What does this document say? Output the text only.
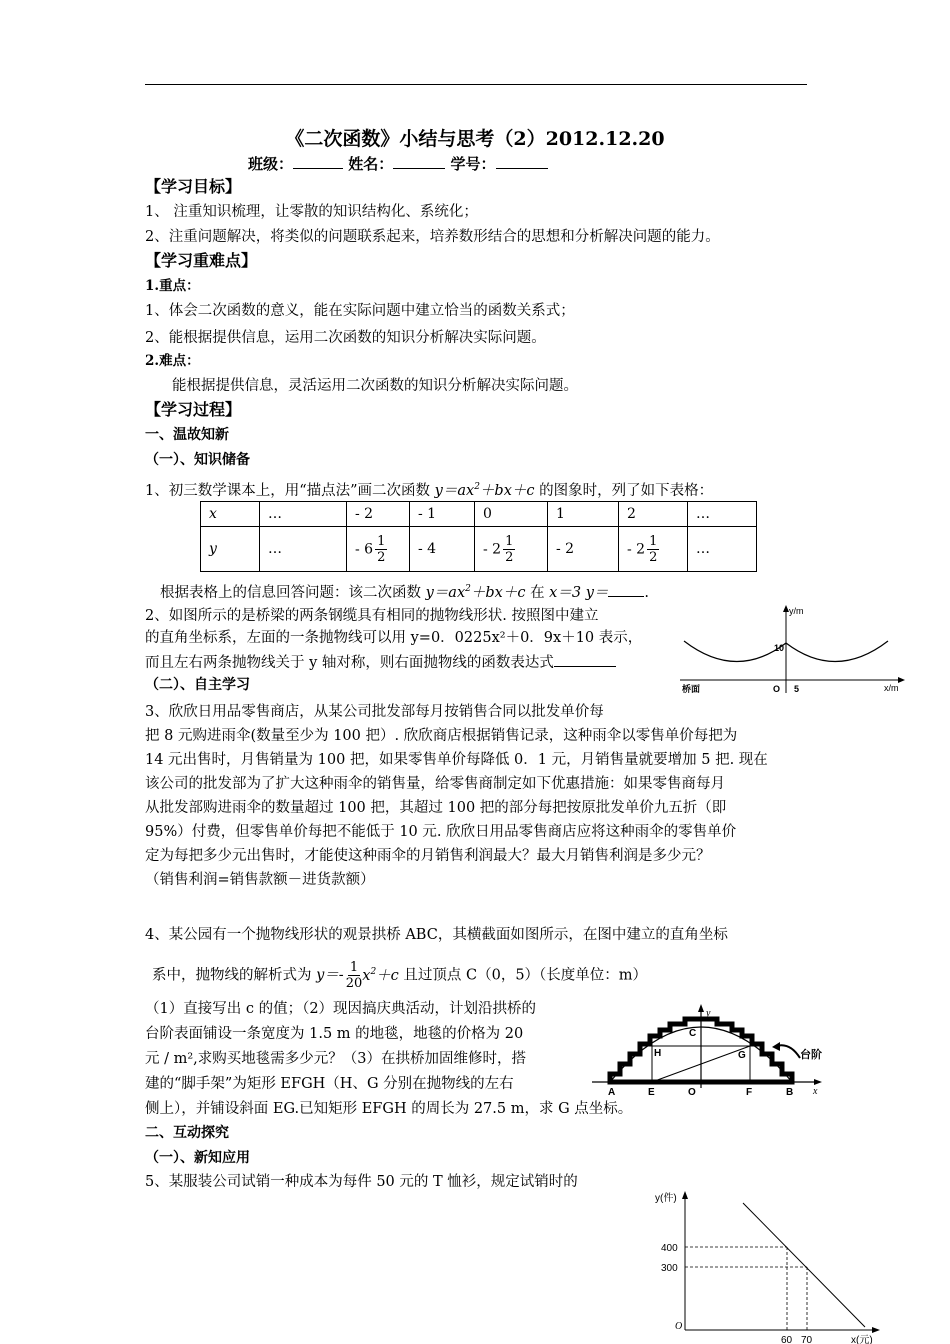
《二次函数》小结与思考（2）2012.12.20
班级：	姓名：	学号：
【学习目标】
1、 注重知识梳理，让零散的知识结构化、系统化；
2、注重问题解决，将类似的问题联系起来，培养数形结合的思想和分析解决问题的能力。
【学习重难点】
1.重点：
1、体会二次函数的意义，能在实际问题中建立恰当的函数关系式；
2、能根据提供信息，运用二次函数的知识分析解决实际问题。
2.难点：
能根据提供信息，灵活运用二次函数的知识分析解决实际问题。
【学习过程】
一、温故知新
（一）、知识储备
1、初三数学课本上，用“描点法”画二次函数 $y=ax^2+bx+c$ 的图象时，列了如下表格：
x	…	- 2	- 1	0	1	2	…
y	…	- $6 \frac{1}{2}$	- 4	- $2 \frac{1}{2}$	- 2	- $2 \frac{1}{2}$	…
根据表格上的信息回答问题：该二次函数 $y=ax^2+bx+c$ 在 x＝3 y＝ .
2、如图所示的是桥梁的两条钢缆具有相同的抛物线形状. 按照图中建立
的直角坐标系，左面的一条抛物线可以用 y=0．0225x²＋0．9x＋10 表示，
而且左右两条抛物线关于 y 轴对称，则右面抛物线的函数表达式
y/m
10
O 5
桥面	x/m
（二）、自主学习
3、欣欣日用品零售商店，从某公司批发部每月按销售合同以批发单价每
把 8 元购进雨伞(数量至少为 100 把）. 欣欣商店根据销售记录，这种雨伞以零售单价每把为
14 元出售时，月售销量为 100 把，如果零售单价每降低 0．1 元，月销售量就要增加 5 把. 现在
该公司的批发部为了扩大这种雨伞的销售量，给零售商制定如下优惠措施：如果零售商每月
从批发部购进雨伞的数量超过 100 把，其超过 100 把的部分每把按原批发单价九五折（即
95%）付费，但零售单价每把不能低于 10 元. 欣欣日用品零售商店应将这种雨伞的零售单价
定为每把多少元出售时，才能使这种雨伞的月销售利润最大？最大月销售利润是多少元？
（销售利润=销售款额－进货款额）
4、某公园有一个抛物线形状的观景拱桥 ABC，其横截面如图所示，在图中建立的直角坐标
系中，抛物线的解析式为 $y=- \frac{1}{20} x^2+c$ 且过顶点 C（0，5）（长度单位：m）
（1）直接写出 c 的值；（2）现因搞庆典活动，计划沿拱桥的
台阶表面铺设一条宽度为 1.5 m 的地毯，地毯的价格为 20
元 / m²,求购买地毯需多少元？（3）在拱桥加固维修时，搭
建的“脚手架”为矩形 EFGH（H、G 分别在抛物线的左右
侧上），并铺设斜面 EG.已知矩形 EFGH 的周长为 27.5 m，求 G 点坐标。
台阶
A	E	O	F	B
C
H	G
y
x
二、互动探究
（一）、新知应用
5、某服装公司试销一种成本为每件 50 元的 T 恤衫，规定试销时的
y(件)
400
300
O
60 70	x(元)
